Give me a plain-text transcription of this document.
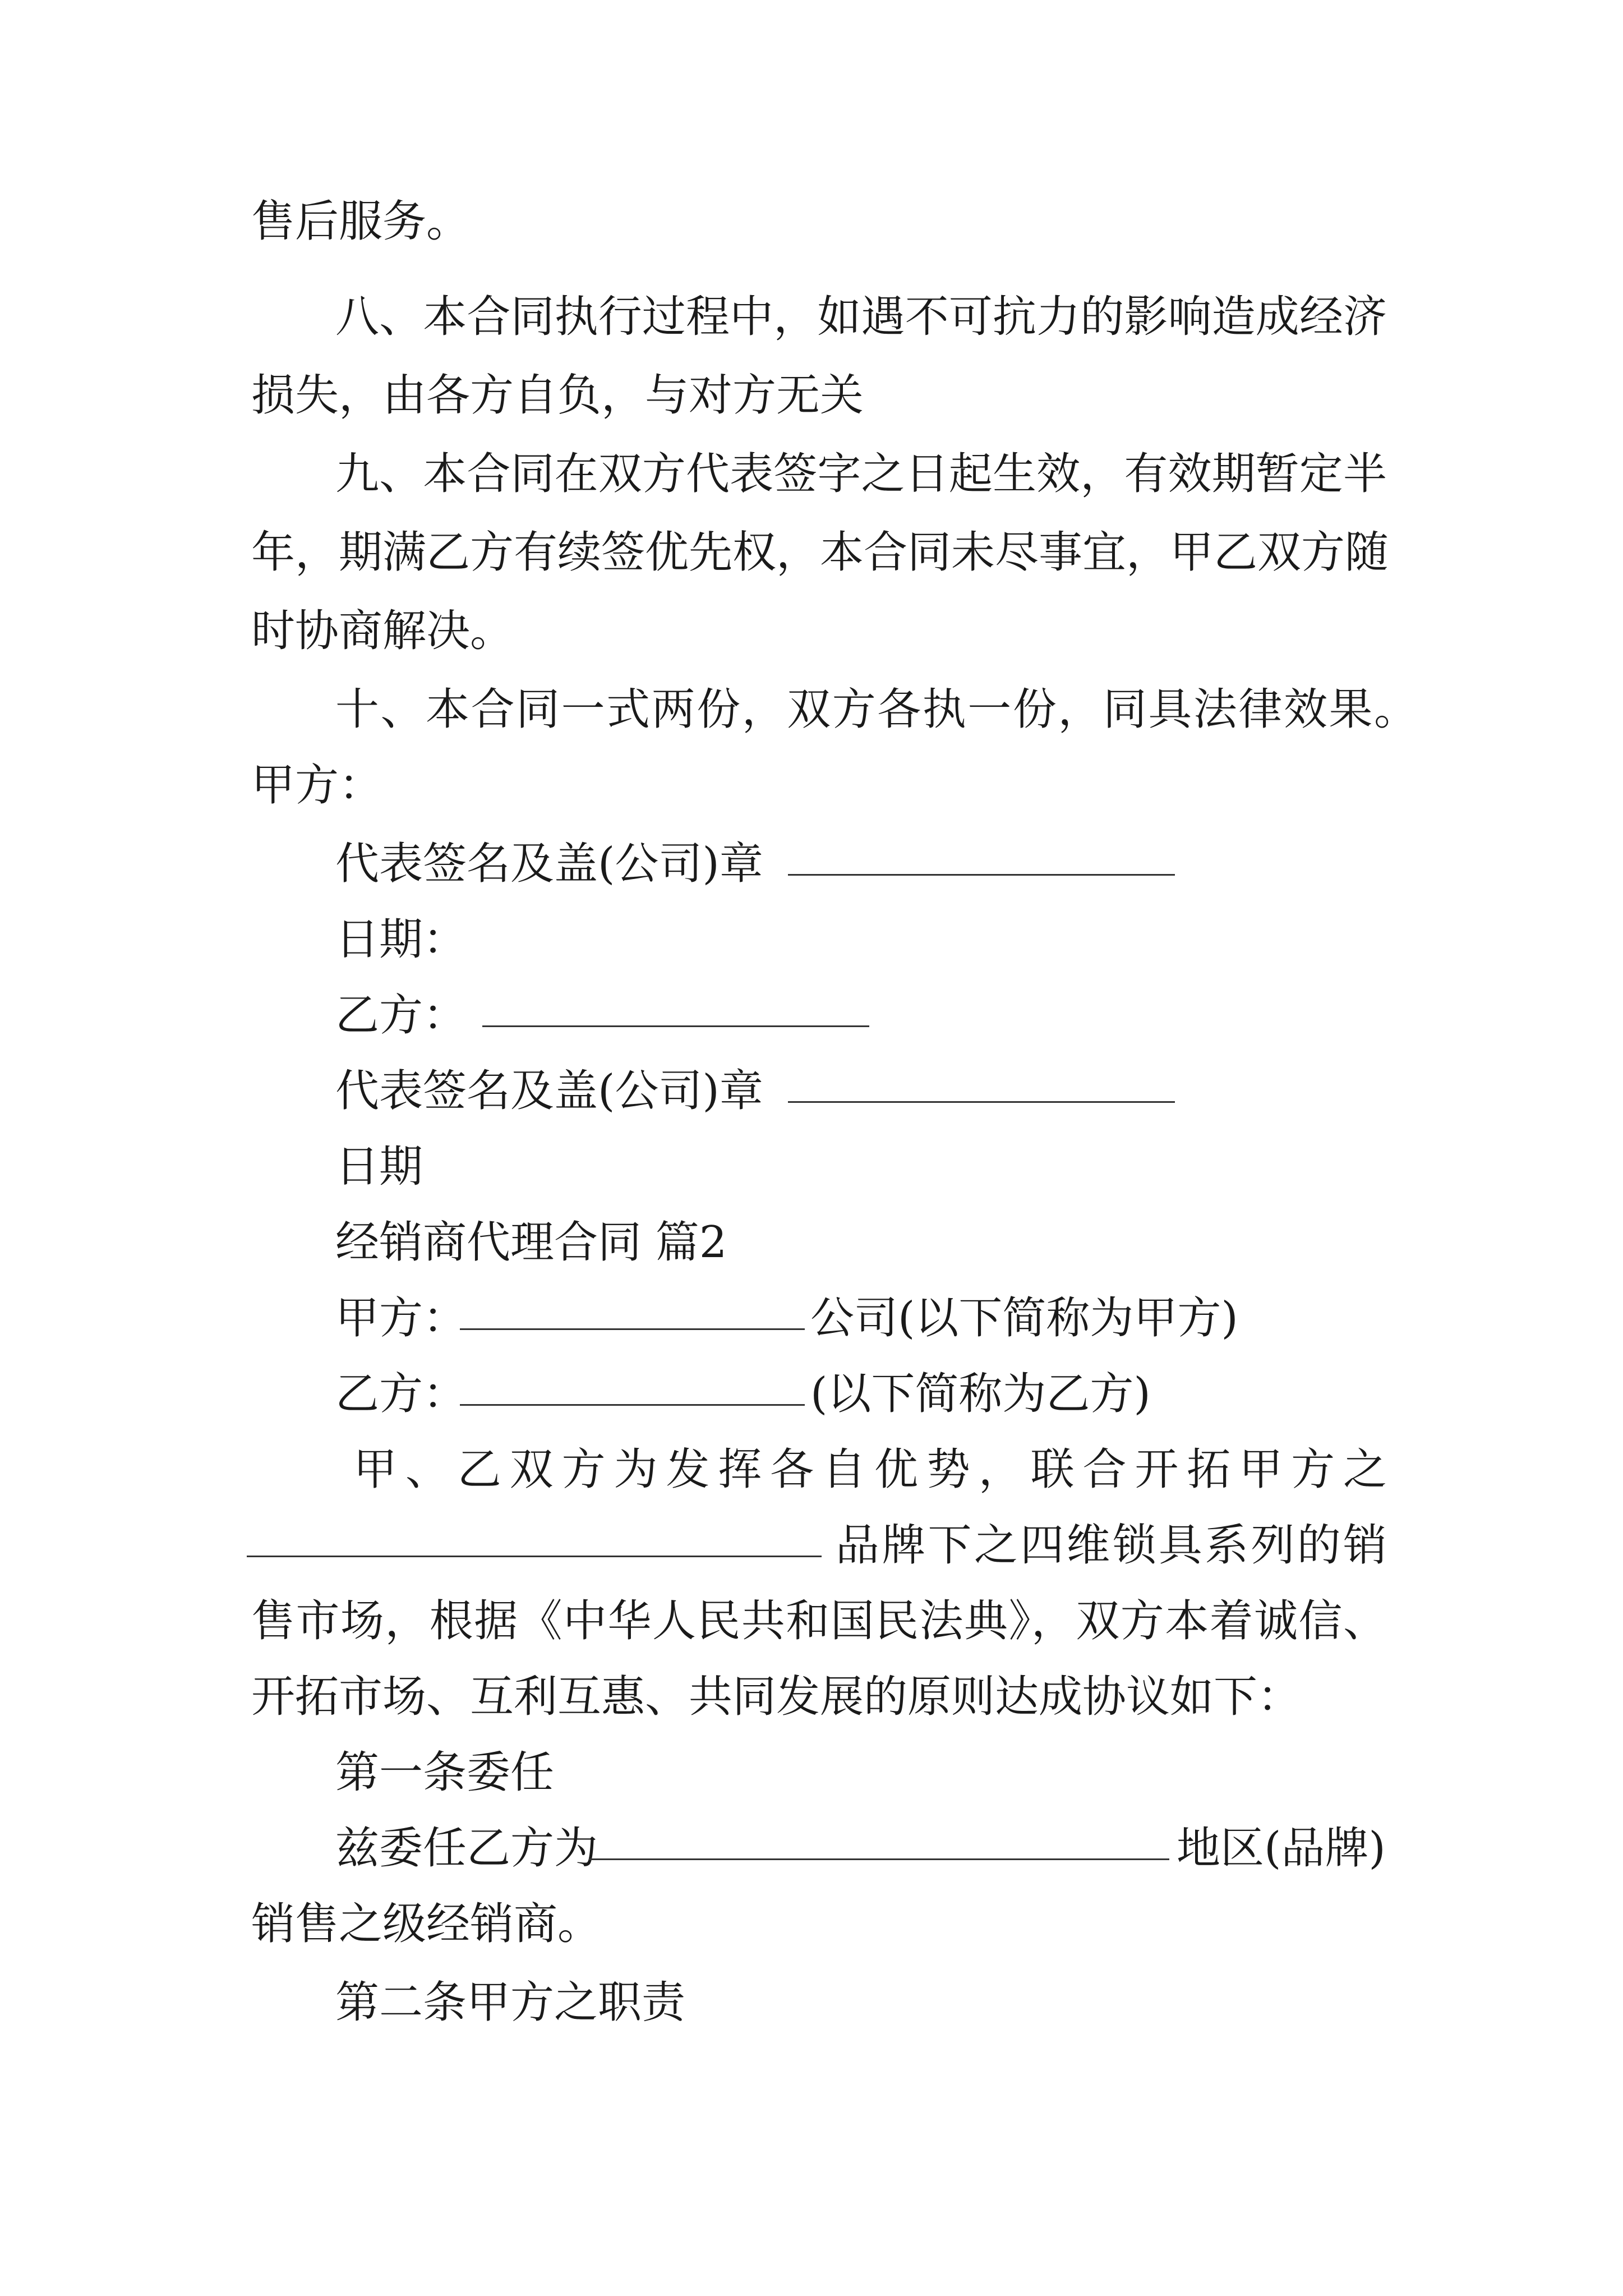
售后服务。
八、本合同执行过程中，如遇不可抗力的影响造成经济
损失，由各方自负，与对方无关
九、本合同在双方代表签字之日起生效，有效期暂定半
年，期满乙方有续签优先权，本合同未尽事宜，甲乙双方随
时协商解决。
十、本合同一式两份，双方各执一份，同具法律效果。
甲方：
代表签名及盖(公司)章
日期：
乙方：
代表签名及盖(公司)章
日期
经销商代理合同 篇2
甲方：	公司(以下简称为甲方)
乙方：	(以下简称为乙方)
甲、乙双方为发挥各自优势，联合开拓甲方之
品牌下之四维锁具系列的销
售市场，根据《中华人民共和国民法典》，双方本着诚信、
开拓市场、互利互惠、共同发展的原则达成协议如下：
第一条委任
兹委任乙方为	地区(品牌)
销售之级经销商。
第二条甲方之职责
